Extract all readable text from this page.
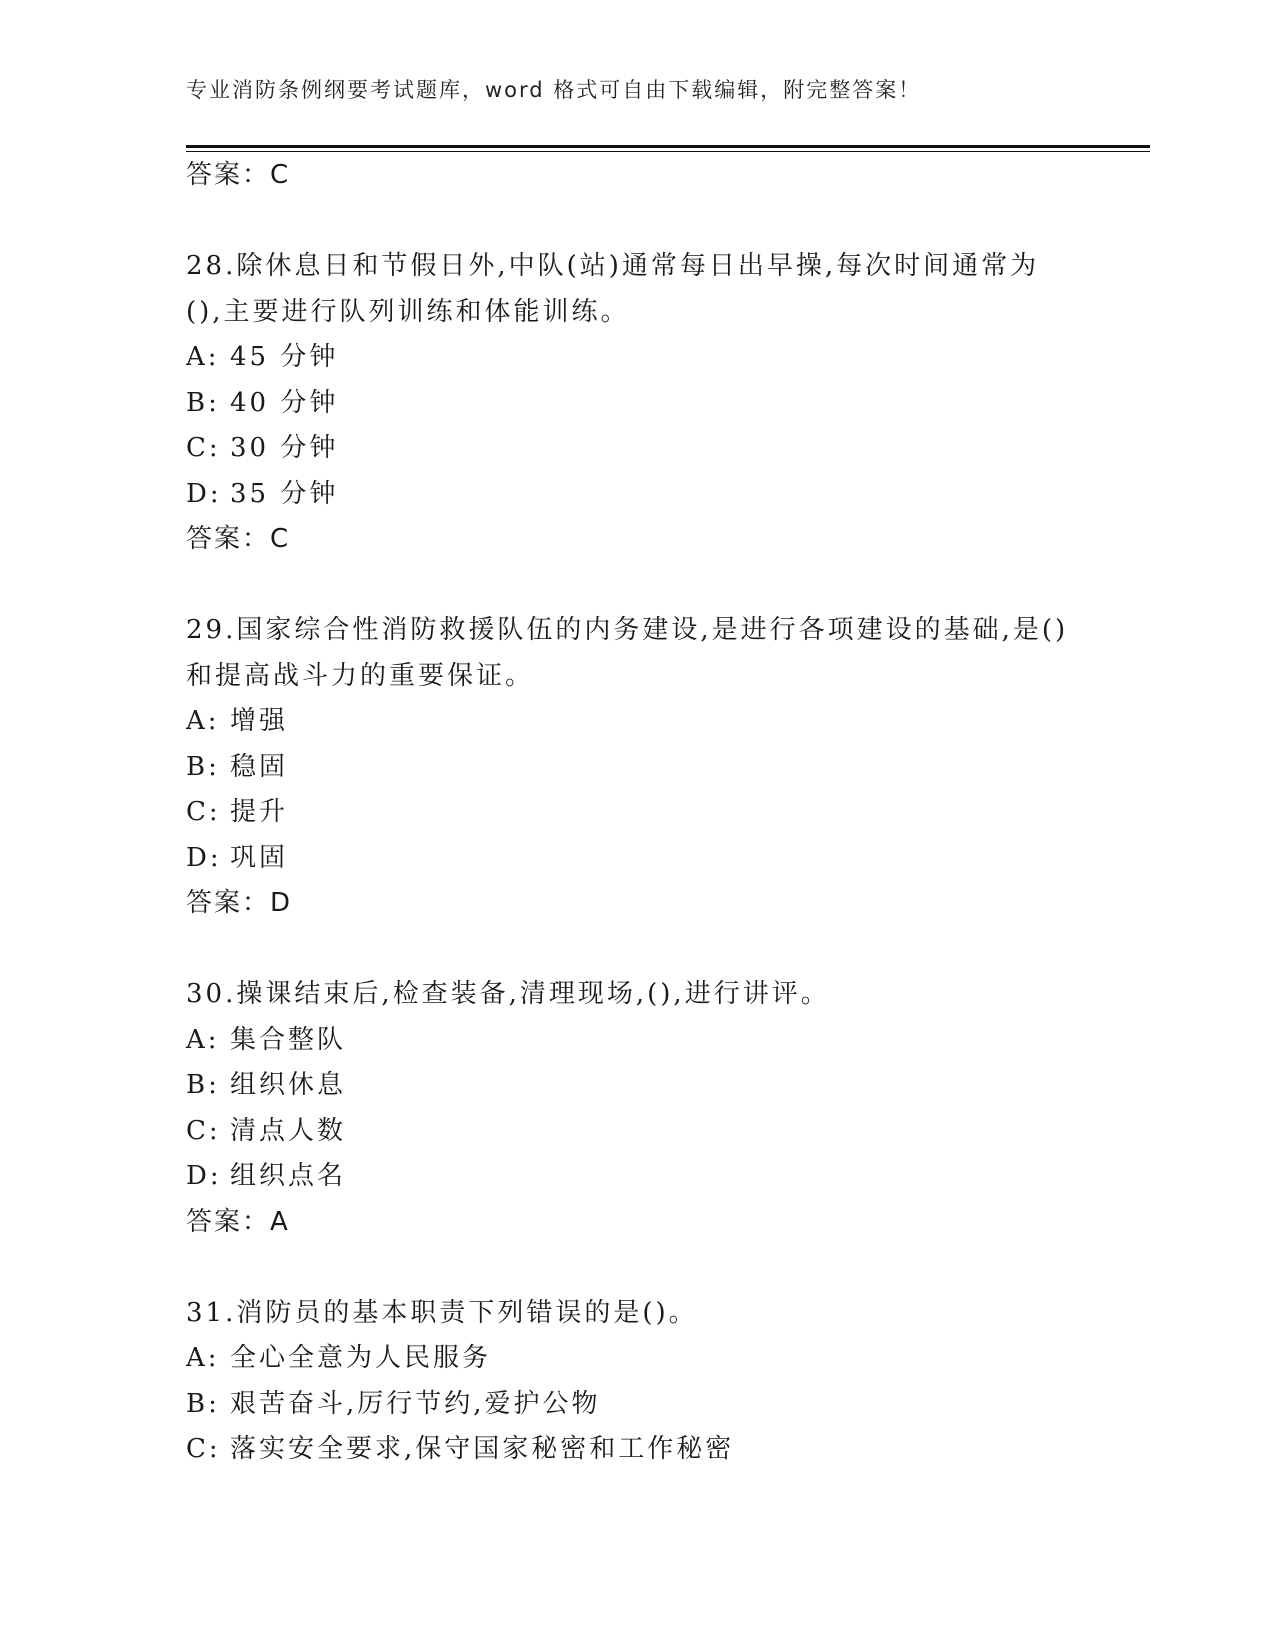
专业消防条例纲要考试题库，word 格式可自由下载编辑，附完整答案！
答案：C
28.除休息日和节假日外,中队(站)通常每日出早操,每次时间通常为
(),主要进行队列训练和体能训练。
A: 45 分钟
B: 40 分钟
C: 30 分钟
D: 35 分钟
答案：C
29.国家综合性消防救援队伍的内务建设,是进行各项建设的基础,是()
和提高战斗力的重要保证。
A: 增强
B: 稳固
C: 提升
D: 巩固
答案：D
30.操课结束后,检查装备,清理现场,(),进行讲评。
A: 集合整队
B: 组织休息
C: 清点人数
D: 组织点名
答案：A
31.消防员的基本职责下列错误的是()。
A: 全心全意为人民服务
B: 艰苦奋斗,厉行节约,爱护公物
C: 落实安全要求,保守国家秘密和工作秘密
